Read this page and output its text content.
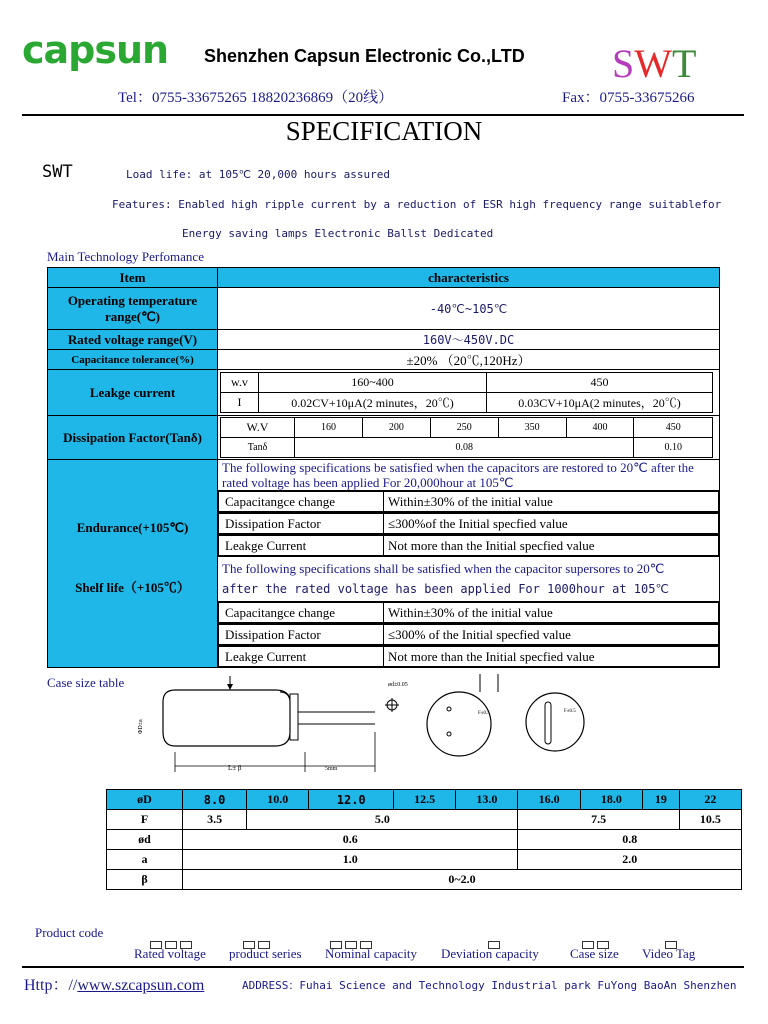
capsun Shenzhen Capsun Electronic Co.,LTD SWT
Tel：0755-33675265 18820236869（20线）	Fax：0755-33675266
SPECIFICATION
SWT	Load life: at 105℃ 20,000 hours assured
Features: Enabled high ripple current by a reduction of ESR high frequency range suitablefor
Energy saving lamps Electronic Ballst Dedicated
Main Technology Perfomance
Item	characteristics
Operating temperature range(℃)	-40℃~105℃
Rated voltage range(V)	160V～450V.DC
Capacitance tolerance(%)	±20% （20℃,120Hz）
Leakge current	
w.v	160~400	450
I	0.02CV+10μA(2 minutes，20℃)	0.03CV+10μA(2 minutes，20℃)

Dissipation Factor(Tanδ)	
W.V	160	200	250	350	400	450
Tanδ	0.08	0.10

Endurance(+105℃)
Shelf life（+105℃）
	The following specifications be satisfied when the capacitors are restored to 20℃ after the rated voltage has been applied For 20,000hour at 105℃

Capacitangce change	Within±30% of the initial value

Dissipation Factor	≤300%of the Initial specfied value

Leakge Current	Not more than the Initial specfied value

The following specifications shall be satisfied when the capacitor supersores to 20℃
after the rated voltage has been applied For 1000hour at 105℃

Capacitangce change	Within±30% of the initial value

Dissipation Factor	≤300% of the Initial specfied value

Leakge Current	Not more than the Initial specfied value
Case size table
L± β	5mm
ΦD±a
ød±0.05
F±0.5	F±0.5
øD	8.0	10.0	12.0	12.5	13.0	16.0	18.0	19	22
F	3.5	5.0				7.5			10.5
ød	0.6					0.8			
a	1.0					2.0			
β	0~2.0								
Product code
Rated voltage product series Nominal capacity Deviation capacity Case size Video Tag
Http：//www.szcapsun.com	ADDRESS：Fuhai Science and Technology Industrial park FuYong BaoAn Shenzhen
